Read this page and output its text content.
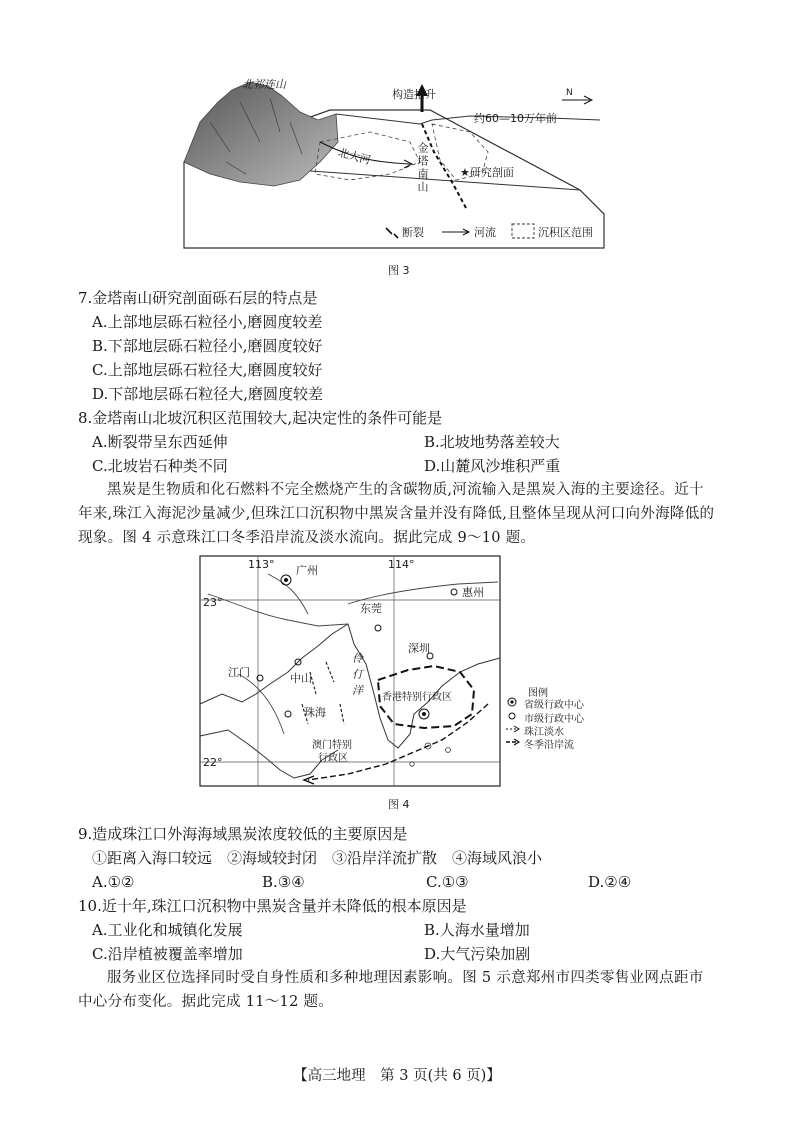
北祁连山
构造抬升	N
约60—10万年前
北大河	金塔南山	★研究剖面
断裂	河流	沉积区范围
图 3
7.金塔南山研究剖面砾石层的特点是
A.上部地层砾石粒径小,磨圆度较差
B.下部地层砾石粒径小,磨圆度较好
C.上部地层砾石粒径大,磨圆度较好
D.下部地层砾石粒径大,磨圆度较差
8.金塔南山北坡沉积区范围较大,起决定性的条件可能是
A.断裂带呈东西延伸	B.北坡地势落差较大
C.北坡岩石种类不同	D.山麓风沙堆积严重
黑炭是生物质和化石燃料不完全燃烧产生的含碳物质,河流输入是黑炭入海的主要途径。近十年来,珠江入海泥沙量减少,但珠江口沉积物中黑炭含量并没有降低,且整体呈现从河口向外海降低的现象。图 4 示意珠江口冬季沿岸流及淡水流向。据此完成 9～10 题。
113°	114°
23°
22°
广州
惠州
东莞
深圳
江门	中山
珠海
香港特别行政区
澳门特别
行政区
伶
仃
洋	图例
省级行政中心
市级行政中心
珠江淡水
冬季沿岸流
图 4
9.造成珠江口外海海域黑炭浓度较低的主要原因是
①距离入海口较远　②海域较封闭　③沿岸洋流扩散　④海域风浪小
A.①②	B.③④	C.①③	D.②④
10.近十年,珠江口沉积物中黑炭含量并未降低的根本原因是
A.工业化和城镇化发展	B.人海水量增加
C.沿岸植被覆盖率增加	D.大气污染加剧
服务业区位选择同时受自身性质和多种地理因素影响。图 5 示意郑州市四类零售业网点距市中心分布变化。据此完成 11～12 题。
【高三地理　第 3 页(共 6 页)】
